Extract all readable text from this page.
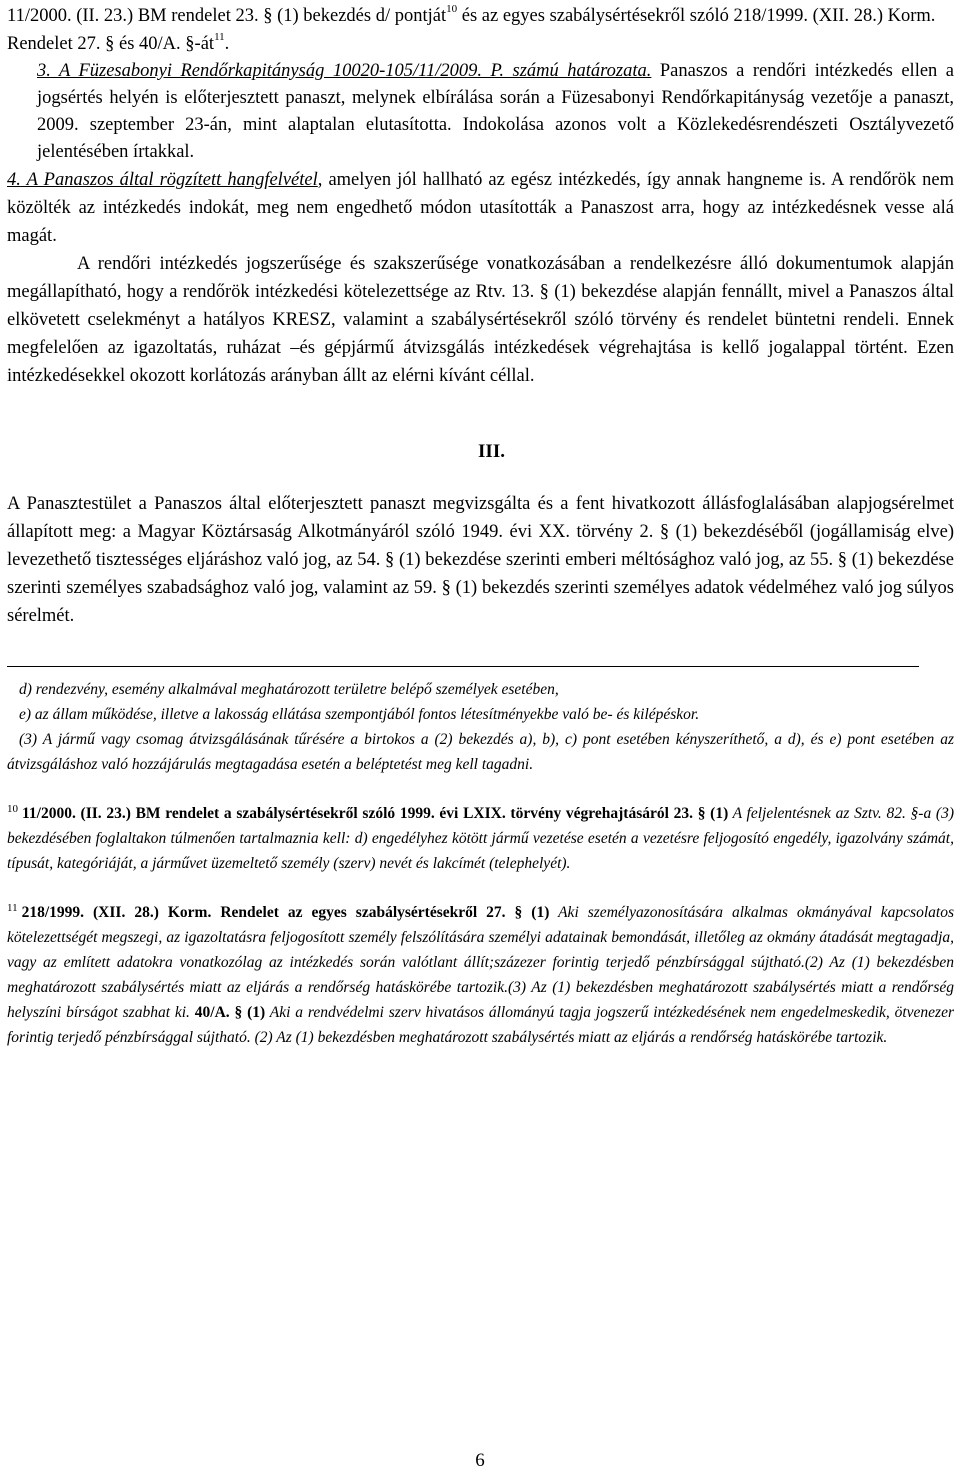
11/2000. (II. 23.) BM rendelet 23. § (1) bekezdés d/ pontját$^{10}$ és az egyes szabálysértésekről szóló 218/1999. (XII. 28.) Korm. Rendelet 27. § és 40/A. §-át$^{11}$.

3. A Füzesabonyi Rendőrkapitányság 10020-105/11/2009. P. számú határozata. Panaszos a rendőri intézkedés ellen a jogsértés helyén is előterjesztett panaszt, melynek elbírálása során a Füzesabonyi Rendőrkapitányság vezetője a panaszt, 2009. szeptember 23-án, mint alaptalan elutasította. Indokolása azonos volt a Közlekedésrendészeti Osztályvezető jelentésében írtakkal.

4. A Panaszos által rögzített hangfelvétel, amelyen jól hallható az egész intézkedés, így annak hangneme is. A rendőrök nem közölték az intézkedés indokát, meg nem engedhető módon utasították a Panaszost arra, hogy az intézkedésnek vesse alá magát.

A rendőri intézkedés jogszerűsége és szakszerűsége vonatkozásában a rendelkezésre álló dokumentumok alapján megállapítható, hogy a rendőrök intézkedési kötelezettsége az Rtv. 13. § (1) bekezdése alapján fennállt, mivel a Panaszos által elkövetett cselekményt a hatályos KRESZ, valamint a szabálysértésekről szóló törvény és rendelet büntetni rendeli. Ennek megfelelően az igazoltatás, ruházat –és gépjármű átvizsgálás intézkedések végrehajtása is kellő jogalappal történt. Ezen intézkedésekkel okozott korlátozás arányban állt az elérni kívánt céllal.

III.

A Panasztestület a Panaszos által előterjesztett panaszt megvizsgálta és a fent hivatkozott állásfoglalásában alapjogsérelmet állapított meg: a Magyar Köztársaság Alkotmányáról szóló 1949. évi XX. törvény 2. § (1) bekezdéséből (jogállamiság elve) levezethető tisztességes eljáráshoz való jog, az 54. § (1) bekezdése szerinti emberi méltósághoz való jog, az 55. § (1) bekezdése szerinti személyes szabadsághoz való jog, valamint az 59. § (1) bekezdés szerinti személyes adatok védelméhez való jog súlyos sérelmét.

d) rendezvény, esemény alkalmával meghatározott területre belépő személyek esetében,
e) az állam működése, illetve a lakosság ellátása szempontjából fontos létesítményekbe való be- és kilépéskor.
(3) A jármű vagy csomag átvizsgálásának tűrésére a birtokos a (2) bekezdés a), b), c) pont esetében kényszeríthető, a d), és e) pont esetében az átvizsgáláshoz való hozzájárulás megtagadása esetén a beléptetést meg kell tagadni.
$^{10}$ 11/2000. (II. 23.) BM rendelet a szabálysértésekről szóló 1999. évi LXIX. törvény végrehajtásáról 23. § (1) A feljelentésnek az Sztv. 82. §-a (3) bekezdésében foglaltakon túlmenően tartalmaznia kell: d) engedélyhez kötött jármű vezetése esetén a vezetésre feljogosító engedély, igazolvány számát, típusát, kategóriáját, a járművet üzemeltető személy (szerv) nevét és lakcímét (telephelyét).
$^{11}$ 218/1999. (XII. 28.) Korm. Rendelet az egyes szabálysértésekről 27. § (1) Aki személyazonosítására alkalmas okmányával kapcsolatos kötelezettségét megszegi, az igazoltatásra feljogosított személy felszólítására személyi adatainak bemondását, illetőleg az okmány átadását megtagadja, vagy az említett adatokra vonatkozólag az intézkedés során valótlant állít;százezer forintig terjedő pénzbírsággal sújtható.(2) Az (1) bekezdésben meghatározott szabálysértés miatt az eljárás a rendőrség hatáskörébe tartozik.(3) Az (1) bekezdésben meghatározott szabálysértés miatt a rendőrség helyszíni bírságot szabhat ki. 40/A. § (1) Aki a rendvédelmi szerv hivatásos állományú tagja jogszerű intézkedésének nem engedelmeskedik, ötvenezer forintig terjedő pénzbírsággal sújtható. (2) Az (1) bekezdésben meghatározott szabálysértés miatt az eljárás a rendőrség hatáskörébe tartozik.
6
